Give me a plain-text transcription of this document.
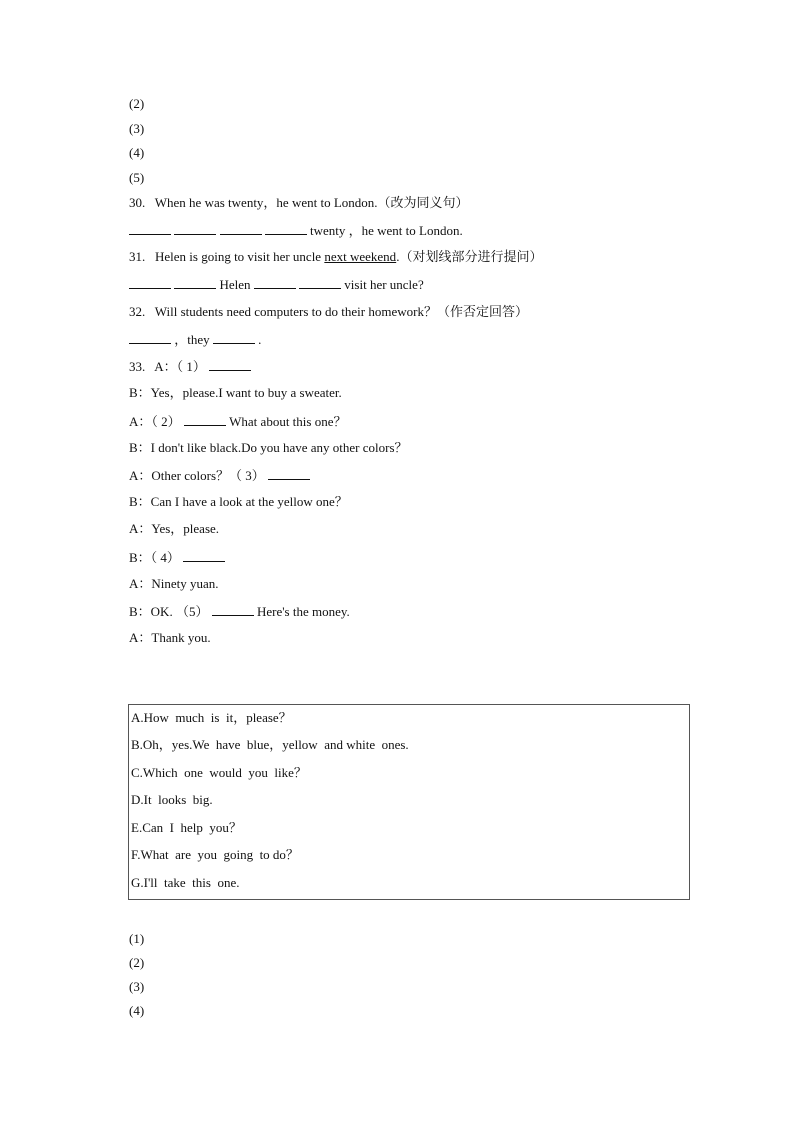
(2)
(3)
(4)
(5)
30. When he was twenty，he went to London.（改为同义句）
twenty ，he went to London.
31. Helen is going to visit her uncle next weekend.（对划线部分进行提问）
Helen	visit her uncle?
32. Will students need computers to do their homework？（作否定回答）
，they	.
33. A：（ 1）
B：Yes，please.I want to buy a sweater.
A：（ 2）	What about this one？
B：I don't like black.Do you have any other colors？
A：Other colors？（ 3）
B：Can I have a look at the yellow one？
A：Yes，please.
B：（ 4）
A：Ninety yuan.
B：OK. （5）	Here's the money.
A：Thank you.
A.How  much  is  it，please？
B.Oh，yes.We  have  blue，yellow  and white  ones.
C.Which  one  would  you  like？
D.It  looks  big.
E.Can  I  help  you？
F.What  are  you  going  to do？
G.I'll  take  this  one.
(1)
(2)
(3)
(4)
